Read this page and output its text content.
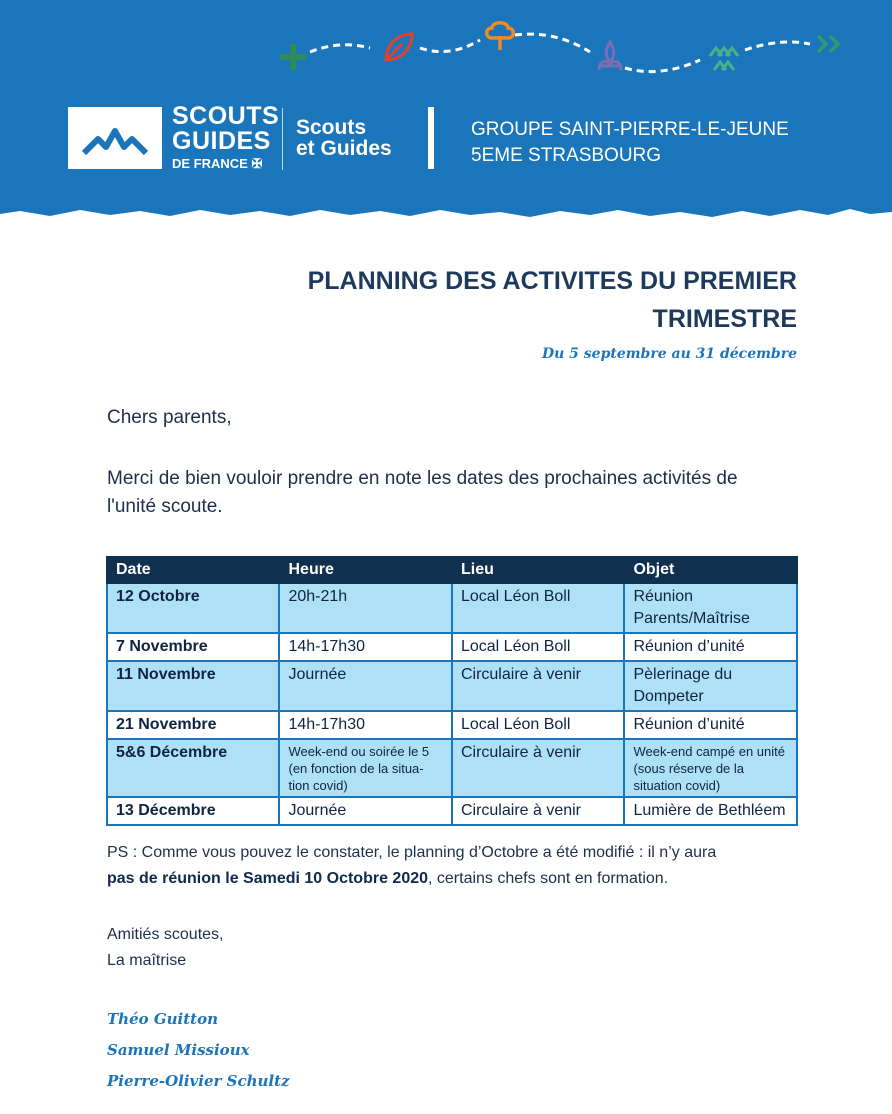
SCOUTS
GUIDES
DE FRANCE ✠
Scouts
et Guides
GROUPE SAINT-PIERRE-LE-JEUNE
5EME STRASBOURG
PLANNING DES ACTIVITES DU PREMIER TRIMESTRE
Du 5 septembre au 31 décembre
Chers parents,
Merci de bien vouloir prendre en note les dates des prochaines activités de l'unité scoute.
Date	Heure	Lieu	Objet
12 Octobre	20h-21h	Local Léon Boll	Réunion Parents/Maîtrise
7 Novembre	14h-17h30	Local Léon Boll	Réunion d’unité
11 Novembre	Journée	Circulaire à venir	Pèlerinage du Dompeter
21 Novembre	14h-17h30	Local Léon Boll	Réunion d’unité
5&6 Décembre	Week-end ou soirée le 5 (en fonction de la situa-tion covid)	Circulaire à venir	Week-end campé en unité (sous réserve de la situation covid)
13 Décembre	Journée	Circulaire à venir	Lumière de Bethléem
PS : Comme vous pouvez le constater, le planning d’Octobre a été modifié : il n’y aura
pas de réunion le Samedi 10 Octobre 2020, certains chefs sont en formation.
Amitiés scoutes,
La maîtrise
Théo Guitton
Samuel Missioux
Pierre-Olivier Schultz
